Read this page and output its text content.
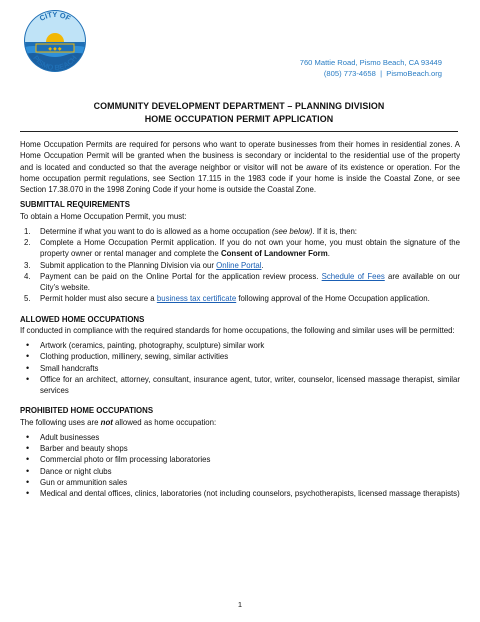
◆ ◆ ◆
CITY OF
PISMO BEACH	760 Mattie Road, Pismo Beach, CA 93449
(805) 773-4658 | PismoBeach.org
COMMUNITY DEVELOPMENT DEPARTMENT – PLANNING DIVISION
HOME OCCUPATION PERMIT APPLICATION

Home Occupation Permits are required for persons who want to operate businesses from their homes in residential zones. A Home Occupation Permit will be granted when the business is secondary or incidental to the residential use of the property and is located and conducted so that the average neighbor or visitor will not be aware of its existence or operation. For the home occupation permit regulations, see Section 17.115 in the 1983 code if your home is inside the Coastal Zone, or see Section 17.38.070 in the 1998 Zoning Code if your home is outside the Coastal Zone.

SUBMITTAL REQUIREMENTS
To obtain a Home Occupation Permit, you must:
1. Determine if what you want to do is allowed as a home occupation (see below). If it is, then:
2. Complete a Home Occupation Permit application. If you do not own your home, you must obtain the signature of the property owner or rental manager and complete the Consent of Landowner Form.
3. Submit application to the Planning Division via our Online Portal.
4. Payment can be paid on the Online Portal for the application review process. Schedule of Fees are available on our City’s website.
5. Permit holder must also secure a business tax certificate following approval of the Home Occupation application.
ALLOWED HOME OCCUPATIONS

If conducted in compliance with the required standards for home occupations, the following and similar uses will be permitted:

• Artwork (ceramics, painting, photography, sculpture) similar work
• Clothing production, millinery, sewing, similar activities
• Small handcrafts
• Office for an architect, attorney, consultant, insurance agent, tutor, writer, counselor, licensed massage therapist, similar services
PROHIBITED HOME OCCUPATIONS
The following uses are not allowed as home occupation:
• Adult businesses
• Barber and beauty shops
• Commercial photo or film processing laboratories
• Dance or night clubs
• Gun or ammunition sales
• Medical and dental offices, clinics, laboratories (not including counselors, psychotherapists, licensed massage therapists)
1
